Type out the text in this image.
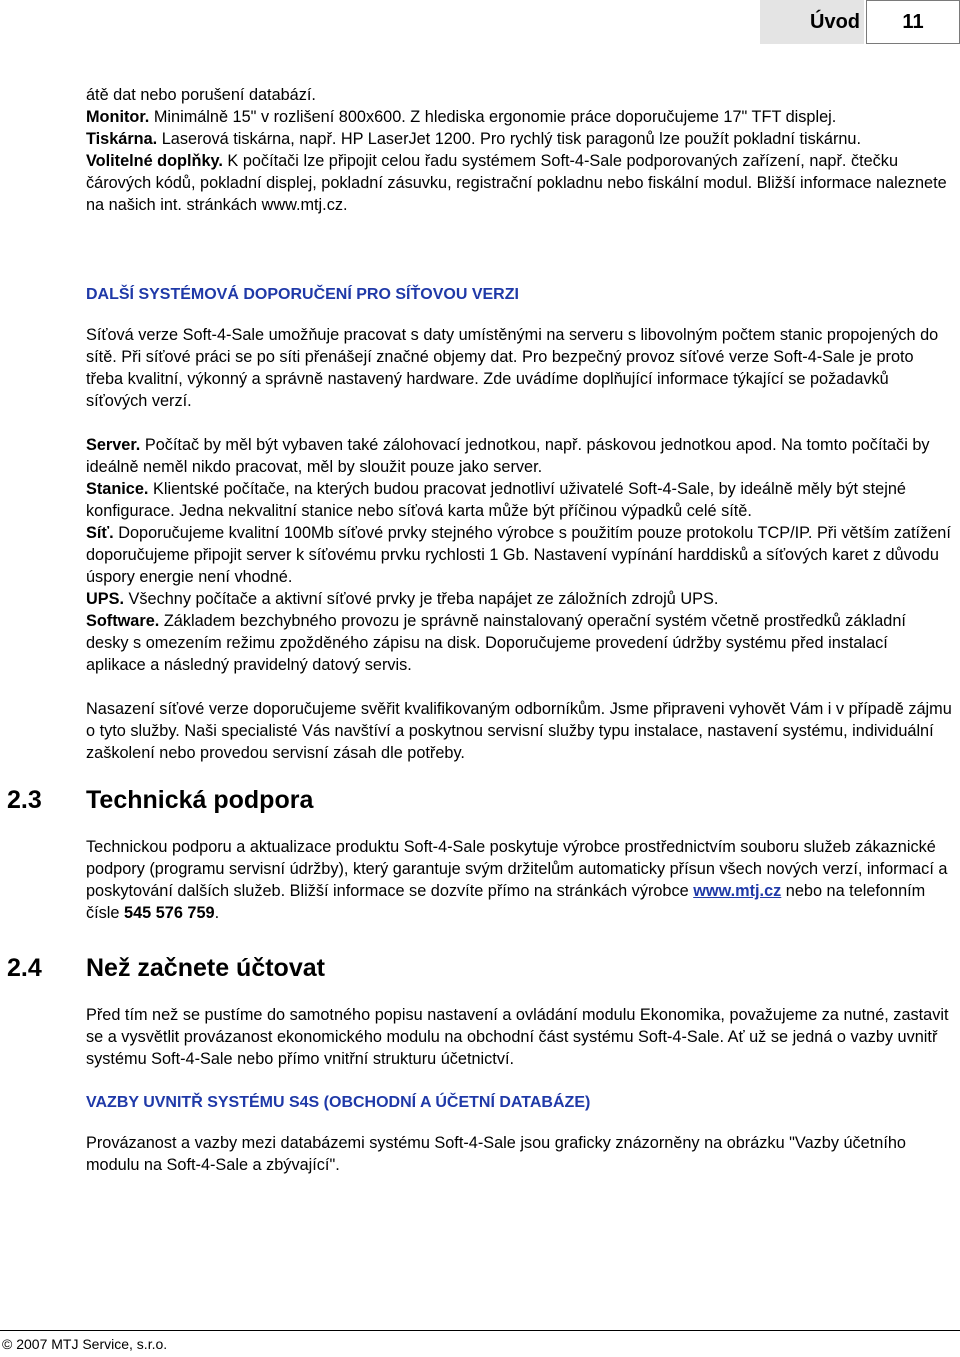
Úvod	11

átě dat nebo porušení databází.

Monitor. Minimálně 15" v rozlišení 800x600. Z hlediska ergonomie práce doporučujeme 17" TFT displej.

Tiskárna. Laserová tiskárna, např. HP LaserJet 1200. Pro rychlý tisk paragonů lze použít pokladní tiskárnu.

Volitelné doplňky. K počítači lze připojit celou řadu systémem Soft-4-Sale podporovaných zařízení, např. čtečku čárových kódů, pokladní displej, pokladní zásuvku, registrační pokladnu nebo fiskální modul. Bližší informace naleznete na našich int. stránkách www.mtj.cz.

DALŠÍ SYSTÉMOVÁ DOPORUČENÍ PRO SÍŤOVOU VERZI

Síťová verze Soft-4-Sale umožňuje pracovat s daty umístěnými na serveru s libovolným počtem stanic propojených do sítě. Při síťové práci se po síti přenášejí značné objemy dat. Pro bezpečný provoz síťové verze Soft-4-Sale je proto třeba kvalitní, výkonný a správně nastavený hardware. Zde uvádíme doplňující informace týkající se požadavků síťových verzí.

Server. Počítač by měl být vybaven také zálohovací jednotkou, např. páskovou jednotkou apod. Na tomto počítači by ideálně neměl nikdo pracovat, měl by sloužit pouze jako server.

Stanice. Klientské počítače, na kterých budou pracovat jednotliví uživatelé Soft-4-Sale, by ideálně měly být stejné konfigurace. Jedna nekvalitní stanice nebo síťová karta může být příčinou výpadků celé sítě.

Síť. Doporučujeme kvalitní 100Mb síťové prvky stejného výrobce s použitím pouze protokolu TCP/IP. Při větším zatížení doporučujeme připojit server k síťovému prvku rychlosti 1 Gb. Nastavení vypínání harddisků a síťových karet z důvodu úspory energie není vhodné.

UPS. Všechny počítače a aktivní síťové prvky je třeba napájet ze záložních zdrojů UPS.

Software. Základem bezchybného provozu je správně nainstalovaný operační systém včetně prostředků základní desky s omezením režimu zpožděného zápisu na disk. Doporučujeme provedení údržby systému před instalací aplikace a následný pravidelný datový servis.

Nasazení síťové verze doporučujeme svěřit kvalifikovaným odborníkům. Jsme připraveni vyhovět Vám i v případě zájmu o tyto služby. Naši specialisté Vás navštíví a poskytnou servisní služby typu instalace, nastavení systému, individuální zaškolení nebo provedou servisní zásah dle potřeby.

2.3 Technická podpora

Technickou podporu a aktualizace produktu Soft-4-Sale poskytuje výrobce prostřednictvím souboru služeb zákaznické podpory (programu servisní údržby), který garantuje svým držitelům automaticky přísun všech nových verzí, informací a poskytování dalších služeb. Bližší informace se dozvíte přímo na stránkách výrobce www.mtj.cz nebo na telefonním čísle 545 576 759.

2.4 Než začnete účtovat

Před tím než se pustíme do samotného popisu nastavení a ovládání modulu Ekonomika, považujeme za nutné, zastavit se a vysvětlit provázanost ekonomického modulu na obchodní část systému Soft-4-Sale. Ať už se jedná o vazby uvnitř systému Soft-4-Sale nebo přímo vnitřní strukturu účetnictví.

VAZBY UVNITŘ SYSTÉMU S4S (OBCHODNÍ A ÚČETNÍ DATABÁZE)

Provázanost a vazby mezi databázemi systému Soft-4-Sale jsou graficky znázorněny na obrázku "Vazby účetního modulu na Soft-4-Sale a zbývající".

© 2007 MTJ Service, s.r.o.
